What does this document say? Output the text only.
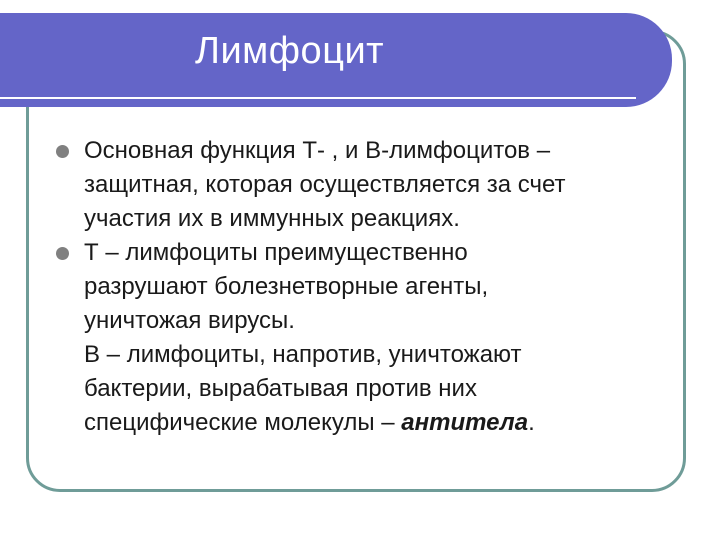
Лимфоцит
Основная функция Т- , и В-лимфоцитов –
защитная, которая осуществляется за счет
участия их в иммунных реакциях.
Т – лимфоциты преимущественно
разрушают болезнетворные агенты,
уничтожая вирусы.
В – лимфоциты, напротив, уничтожают
бактерии, вырабатывая против них
специфические молекулы – антитела.
